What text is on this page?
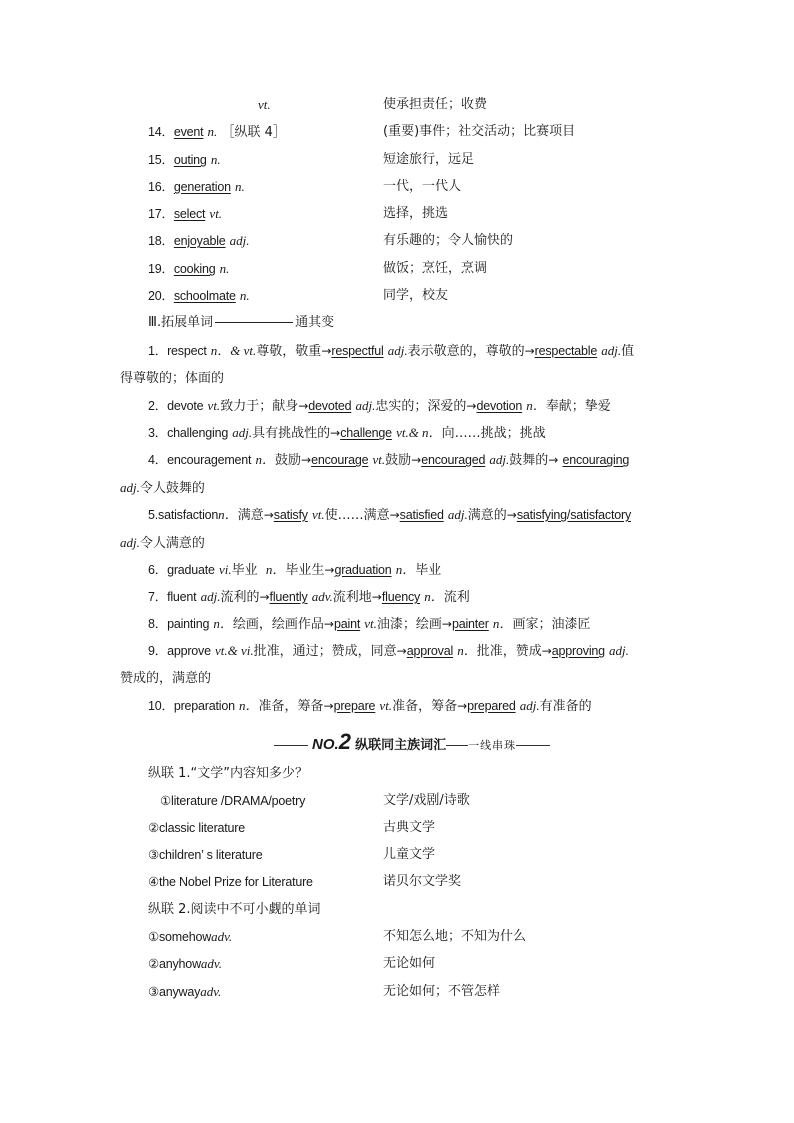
vt.	使承担责任；收费
14．event n. ［纵联 4］	(重要)事件；社交活动；比赛项目
15．outing n.	短途旅行，远足
16．generation n.	一代，一代人
17．select vt.	选择，挑选
18．enjoyable adj.	有乐趣的；令人愉快的
19．cooking n.	做饭；烹饪，烹调
20．schoolmate n.	同学，校友
Ⅲ.拓展单词	通其变
1．respect n．& vt.尊敬，敬重→respectful adj.表示敬意的，尊敬的→respectable adj.值
得尊敬的；体面的
2．devote vt.致力于；献身→devoted adj.忠实的；深爱的→devotion n．奉献；挚爱
3．challenging adj.具有挑战性的→challenge vt.& n．向……挑战；挑战
4．encouragement n．鼓励→encourage vt.鼓励→encouraged adj.鼓舞的→ encouraging
adj.令人鼓舞的
5.satisfactionn．满意→satisfy vt.使……满意→satisfied adj.满意的→satisfying/satisfactory
adj.令人满意的
6．graduate vi.毕业 n．毕业生→graduation n．毕业
7．fluent adj.流利的→fluently adv.流利地→fluency n．流利
8．painting n．绘画，绘画作品→paint vt.油漆；绘画→painter n．画家；油漆匠
9．approve vt.& vi.批准，通过；赞成，同意→approval n．批准，赞成→approving adj.
赞成的，满意的
10．preparation n．准备，筹备→prepare vt.准备，筹备→prepared adj.有准备的
NO.2 纵联同主族词汇 一线串珠
纵联 1.“文学”内容知多少？
①literature /DRAMA/poetry	文学/戏剧/诗歌
②classic literature	古典文学
③children’ s literature	儿童文学
④the Nobel Prize for Literature	诺贝尔文学奖
纵联 2.阅读中不可小觑的单词
①somehowadv.	不知怎么地；不知为什么
②anyhowadv.	无论如何
③anywayadv.	无论如何；不管怎样
